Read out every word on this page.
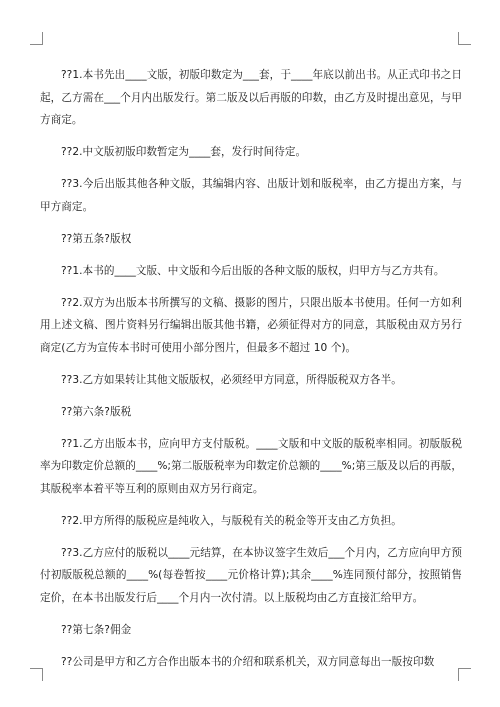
??1.本书先出____文版，初版印数定为___套，于____年底以前出书。从正式印书之日起，乙方需在___个月内出版发行。第二版及以后再版的印数，由乙方及时提出意见，与甲方商定。

??2.中文版初版印数暂定为____套，发行时间待定。

??3.今后出版其他各种文版，其编辑内容、出版计划和版税率，由乙方提出方案，与甲方商定。

??第五条?版权

??1.本书的____文版、中文版和今后出版的各种文版的版权，归甲方与乙方共有。

??2.双方为出版本书所撰写的文稿、摄影的图片，只限出版本书使用。任何一方如利用上述文稿、图片资料另行编辑出版其他书籍，必须征得对方的同意，其版税由双方另行商定(乙方为宣传本书时可使用小部分图片，但最多不超过 10 个)。

??3.乙方如果转让其他文版版权，必须经甲方同意，所得版税双方各半。

??第六条?版税

??1.乙方出版本书，应向甲方支付版税。____文版和中文版的版税率相同。初版版税率为印数定价总额的____%;第二版版税率为印数定价总额的____%;第三版及以后的再版，其版税率本着平等互利的原则由双方另行商定。

??2.甲方所得的版税应是纯收入，与版税有关的税金等开支由乙方负担。

??3.乙方应付的版税以____元结算，在本协议签字生效后___个月内，乙方应向甲方预付初版版税总额的____%(每卷暂按____元价格计算);其余____%连同预付部分，按照销售定价，在本书出版发行后____个月内一次付清。以上版税均由乙方直接汇给甲方。

??第七条?佣金

??公司是甲方和乙方合作出版本书的介绍和联系机关，双方同意每出一版按印数
